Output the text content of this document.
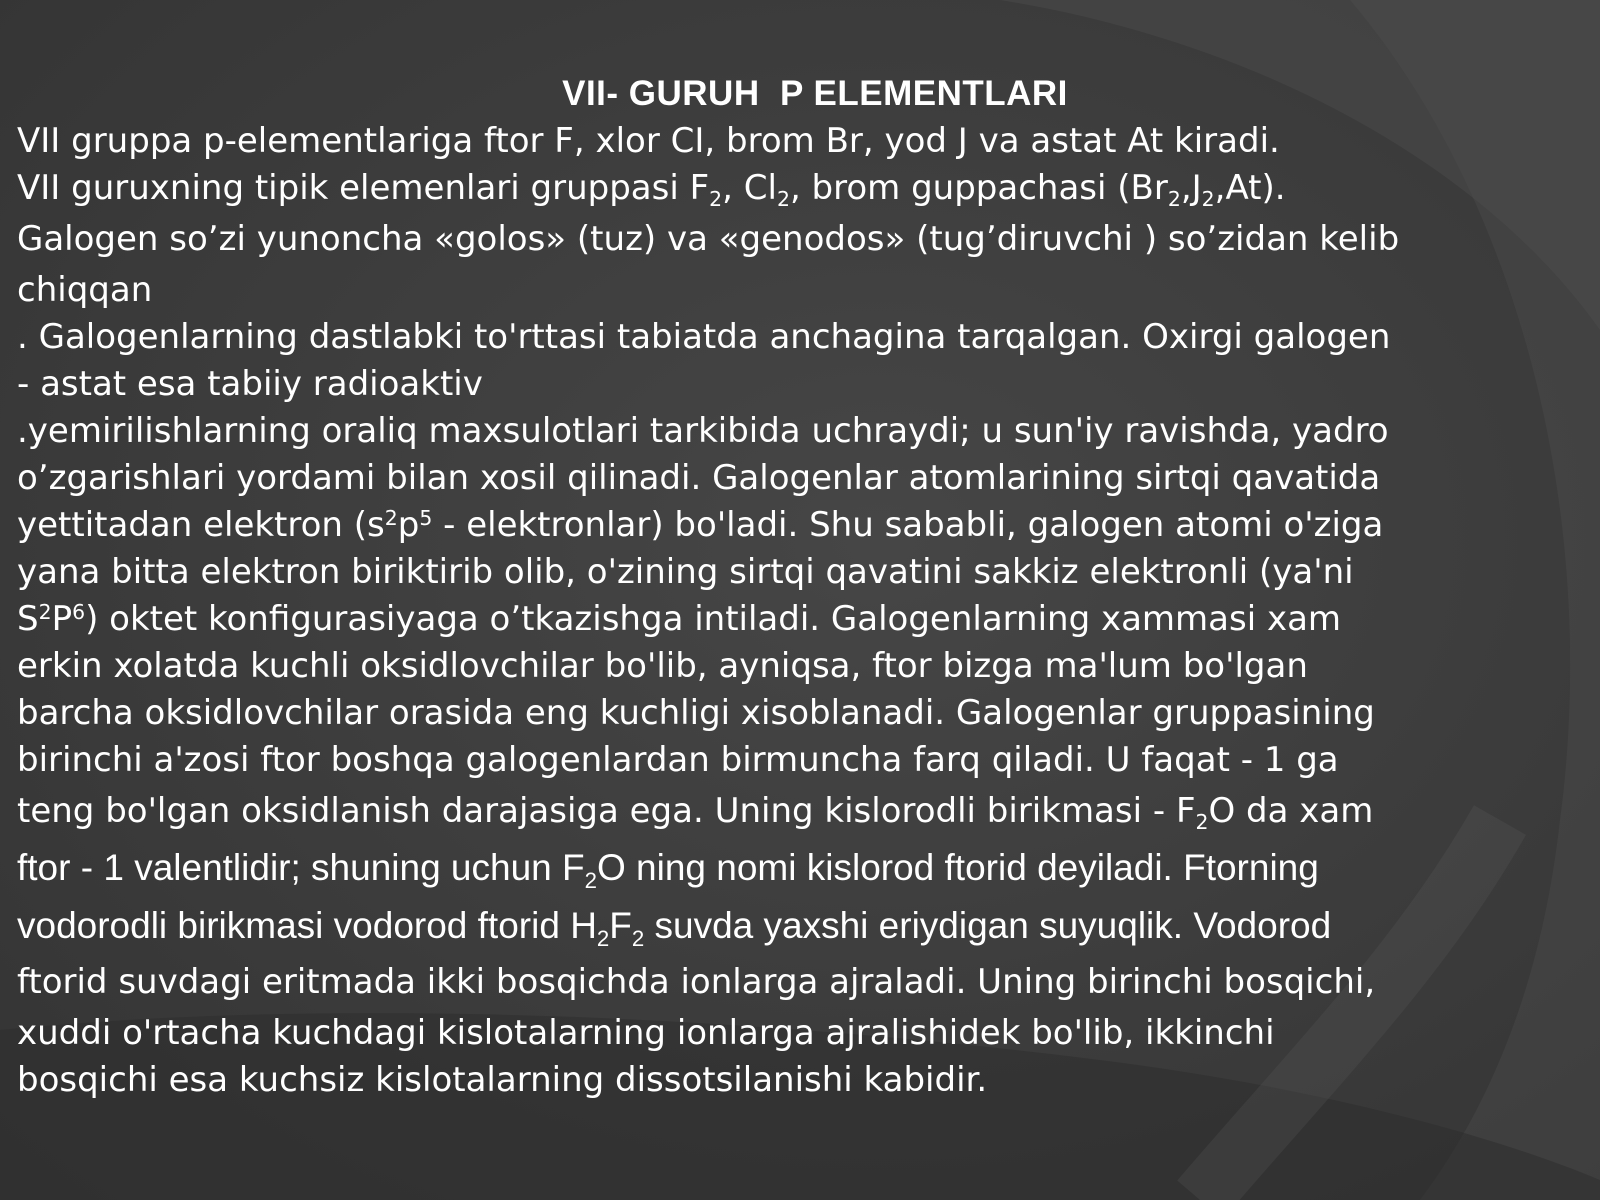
VII- GURUH  P ELEMENTLARI
VII gruppa p-elementlariga ftor F, xlor CI, brom Br, yod J va astat At kiradi.
VII guruxning tipik elemenlari gruppasi $F_2$, $Cl_2$, brom guppachasi $(Br_2,J_2,At)$.
Galogen so’zi yunoncha «golos» (tuz) va «genodos» (tug’diruvchi ) so’zidan kelib
chiqqan
. Galogenlarning dastlabki to'rttasi tabiatda anchagina tarqalgan. Oxirgi galogen
- astat esa tabiiy radioaktiv
.yemirilishlarning oraliq maxsulotlari tarkibida uchraydi; u sun'iy ravishda, yadro
o’zgarishlari yordami bilan xosil qilinadi. Galogenlar atomlarining sirtqi qavatida
yettitadan elektron ($s^2p^5$ - elektronlar) bo'ladi. Shu sababli, galogen atomi o'ziga
yana bitta elektron biriktirib olib, o'zining sirtqi qavatini sakkiz elektronli (ya'ni
$S^2P^6$) oktet konfigurasiyaga o’tkazishga intiladi. Galogenlarning xammasi xam
erkin xolatda kuchli oksidlovchilar bo'lib, ayniqsa, ftor bizga ma'lum bo'lgan
barcha oksidlovchilar orasida eng kuchligi xisoblanadi. Galogenlar gruppasining
birinchi a'zosi ftor boshqa galogenlardan birmuncha farq qiladi. U faqat - 1 ga
teng bo'lgan oksidlanish darajasiga ega. Uning kislorodli birikmasi - $F_2O$ da xam
ftor - 1 valentlidir; shuning uchun $F_2O$ ning nomi kislorod ftorid deyiladi. Ftorning
vodorodli birikmasi vodorod ftorid $H_2F_2$ suvda yaxshi eriydigan suyuqlik. Vodorod
ftorid suvdagi eritmada ikki bosqichda ionlarga ajraladi. Uning birinchi bosqichi,
xuddi o'rtacha kuchdagi kislotalarning ionlarga ajralishidek bo'lib, ikkinchi
bosqichi esa kuchsiz kislotalarning dissotsilanishi kabidir.
